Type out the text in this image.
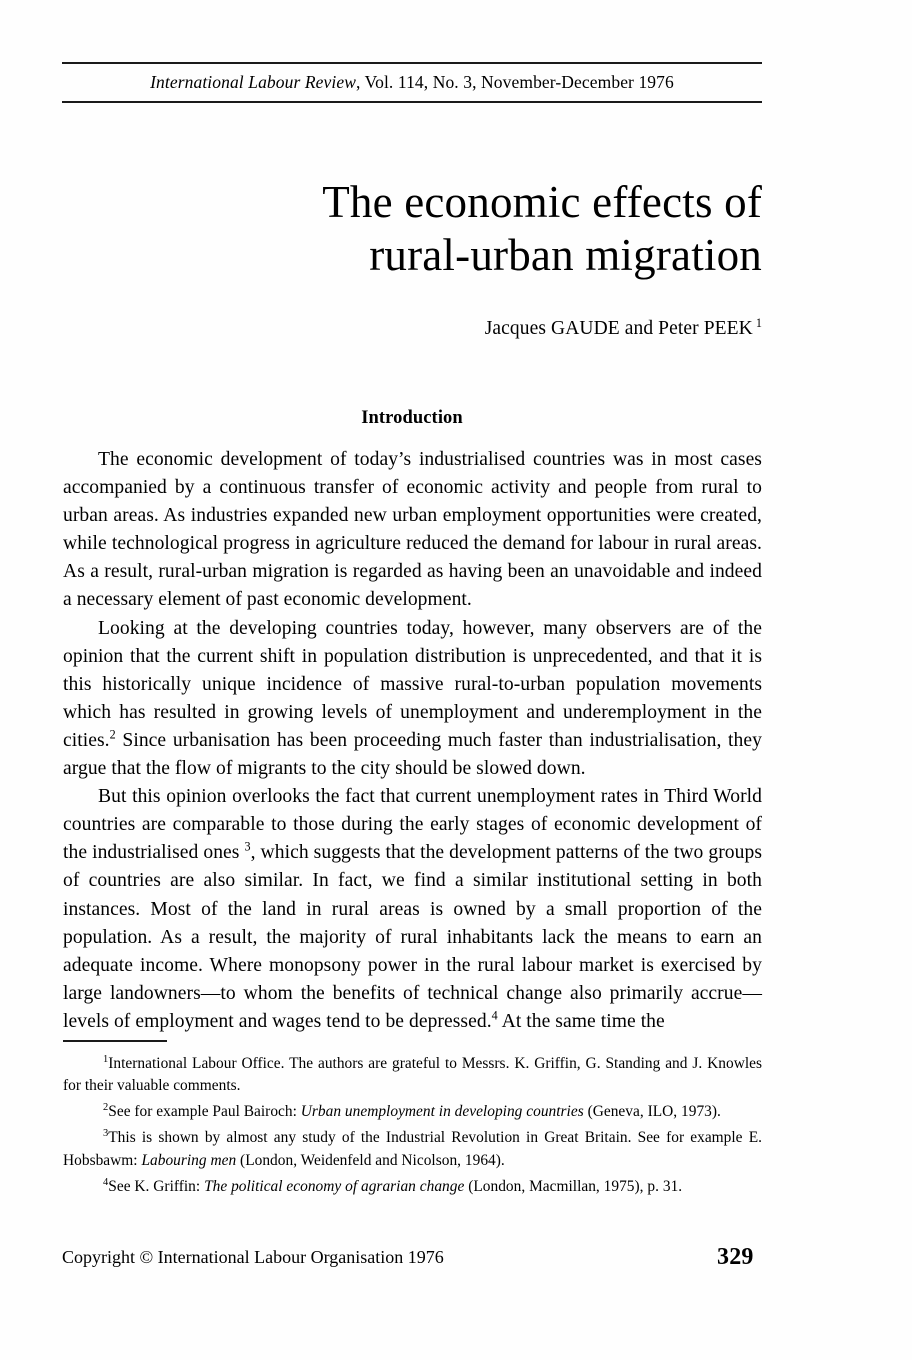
International Labour Review, Vol. 114, No. 3, November-December 1976
The economic effects of
rural-urban migration
Jacques GAUDE and Peter PEEK $^1$
Introduction

The economic development of today’s industrialised countries was in most cases accompanied by a continuous transfer of economic activity and people from rural to urban areas. As industries expanded new urban employment opportunities were created, while technological progress in agriculture reduced the demand for labour in rural areas. As a result, rural-urban migration is regarded as having been an unavoidable and indeed a necessary element of past economic development.

Looking at the developing countries today, however, many observers are of the opinion that the current shift in population distribution is unprecedented, and that it is this historically unique incidence of massive rural-to-urban population movements which has resulted in growing levels of unemployment and underemployment in the cities.$^2$ Since urbanisation has been proceeding much faster than industrialisation, they argue that the flow of migrants to the city should be slowed down.

But this opinion overlooks the fact that current unemployment rates in Third World countries are comparable to those during the early stages of economic development of the industrialised ones $^3$, which suggests that the development patterns of the two groups of countries are also similar. In fact, we find a similar institutional setting in both instances. Most of the land in rural areas is owned by a small proportion of the population. As a result, the majority of rural inhabitants lack the means to earn an adequate income. Where monopsony power in the rural labour market is exercised by large landowners—to whom the benefits of technical change also primarily accrue—levels of employment and wages tend to be depressed.$^4$ At the same time the

$^1$International Labour Office. The authors are grateful to Messrs. K. Griffin, G. Standing and J. Knowles for their valuable comments.

$^2$See for example Paul Bairoch: Urban unemployment in developing countries (Geneva, ILO, 1973).

$^3$This is shown by almost any study of the Industrial Revolution in Great Britain. See for example E. Hobsbawm: Labouring men (London, Weidenfeld and Nicolson, 1964).

$^4$See K. Griffin: The political economy of agrarian change (London, Macmillan, 1975), p. 31.

Copyright © International Labour Organisation 1976	329
